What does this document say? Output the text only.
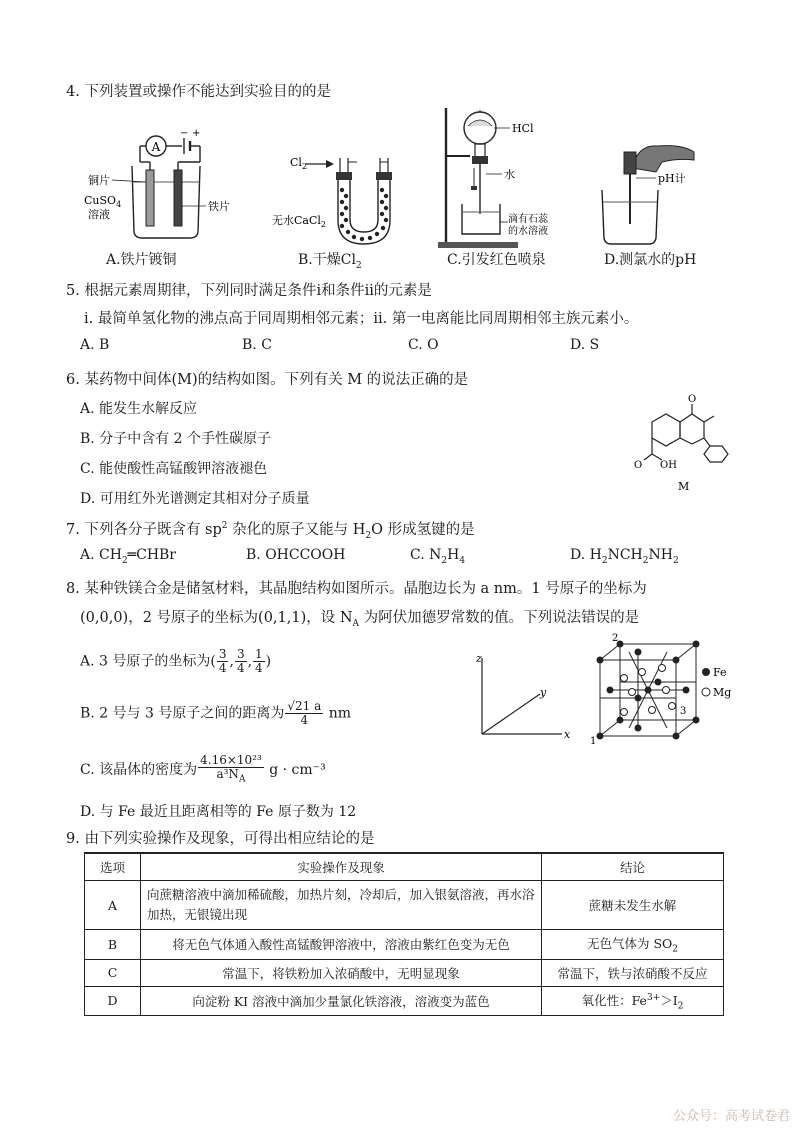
4. 下列装置或操作不能达到实验目的的是
A
− +
铜片
CuSO$_4$
溶液
铁片
A.铁片镀铜
$Cl_2$
无水CaCl$_2$
B.干燥$Cl_2$
HCl
水
滴有石蕊
的水溶液
C.引发红色喷泉
pH计
D.测氯水的pH
5. 根据元素周期律，下列同时满足条件ⅰ和条件ⅱ的元素是
ⅰ. 最简单氢化物的沸点高于同周期相邻元素；ⅱ. 第一电离能比同周期相邻主族元素小。
A. B	B. C	C. O	D. S
6. 某药物中间体(M)的结构如图。下列有关 M 的说法正确的是
A. 能发生水解反应
B. 分子中含有 2 个手性碳原子
C. 能使酸性高锰酸钾溶液褪色
D. 可用红外光谱测定其相对分子质量
O
O OH
M
7. 下列各分子既含有 $sp^2$ 杂化的原子又能与 $H_2O$ 形成氢键的是
A. $CH_2═CHBr$	B. OHCCOOH	C. $N_2H_4$	D. $H_2NCH_2NH_2$
8. 某种铁镁合金是储氢材料，其晶胞结构如图所示。晶胞边长为 a nm。1 号原子的坐标为
(0,0,0)，2 号原子的坐标为(0,1,1)，设 $N_A$ 为阿伏加德罗常数的值。下列说法错误的是
A. 3 号原子的坐标为( $\frac{3}{4}$ , $\frac{3}{4}$ , $\frac{1}{4}$ )
B. 2 号与 3 号原子之间的距离为 $\frac{√21 a}{4}$ nm
C. 该晶体的密度为 $\frac{\text{4.16×10²³}}{a^3N_A}$ g · cm⁻³
D. 与 Fe 最近且距离相等的 Fe 原子数为 12
z
y
x
2
3
1
Fe
Mg
9. 由下列实验操作及现象，可得出相应结论的是
选项	实验操作及现象	结论
A	向蔗糖溶液中滴加稀硫酸，加热片刻，冷却后，加入银氨溶液，再水浴加热，无银镜出现	蔗糖未发生水解
B	将无色气体通入酸性高锰酸钾溶液中，溶液由紫红色变为无色	无色气体为 $SO_2$
C	常温下，将铁粉加入浓硝酸中，无明显现象	常温下，铁与浓硝酸不反应
D	向淀粉 KI 溶液中滴加少量氯化铁溶液，溶液变为蓝色	氧化性：$Fe^{3+}>I_2$
公众号：高考试卷君
